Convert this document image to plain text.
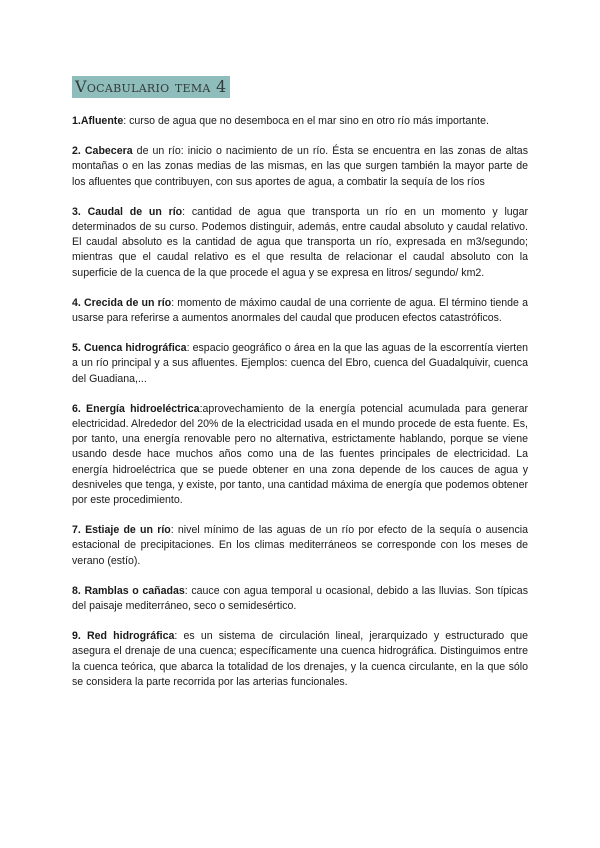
Vocabulario tema 4

1.Afluente: curso de agua que no desemboca en el mar sino en otro río más importante.

2. Cabecera de un río: inicio o nacimiento de un río. Ésta se encuentra en las zonas de altas montañas o en las zonas medias de las mismas, en las que surgen también la mayor parte de los afluentes que contribuyen, con sus aportes de agua, a combatir la sequía de los ríos

3. Caudal de un río: cantidad de agua que transporta un río en un momento y lugar determinados de su curso. Podemos distinguir, además, entre caudal absoluto y caudal relativo. El caudal absoluto es la cantidad de agua que transporta un río, expresada en m3/segundo; mientras que el caudal relativo es el que resulta de relacionar el caudal absoluto con la superficie de la cuenca de la que procede el agua y se expresa en litros/ segundo/ km2.

4. Crecida de un río: momento de máximo caudal de una corriente de agua. El término tiende a usarse para referirse a aumentos anormales del caudal que producen efectos catastróficos.

5. Cuenca hidrográfica: espacio geográfico o área en la que las aguas de la escorrentía vierten a un río principal y a sus afluentes. Ejemplos: cuenca del Ebro, cuenca del Guadalquivir, cuenca del Guadiana,...

6. Energía hidroeléctrica:aprovechamiento de la energía potencial acumulada para generar electricidad. Alrededor del 20% de la electricidad usada en el mundo procede de esta fuente. Es, por tanto, una energía renovable pero no alternativa, estrictamente hablando, porque se viene usando desde hace muchos años como una de las fuentes principales de electricidad. La energía hidroeléctrica que se puede obtener en una zona depende de los cauces de agua y desniveles que tenga, y existe, por tanto, una cantidad máxima de energía que podemos obtener por este procedimiento.

7. Estiaje de un río: nivel mínimo de las aguas de un río por efecto de la sequía o ausencia estacional de precipitaciones. En los climas mediterráneos se corresponde con los meses de verano (estío).

8. Ramblas o cañadas: cauce con agua temporal u ocasional, debido a las lluvias. Son típicas del paisaje mediterráneo, seco o semidesértico.

9. Red hidrográfica: es un sistema de circulación lineal, jerarquizado y estructurado que asegura el drenaje de una cuenca; específicamente una cuenca hidrográfica. Distinguimos entre la cuenca teórica, que abarca la totalidad de los drenajes, y la cuenca circulante, en la que sólo se considera la parte recorrida por las arterias funcionales.
